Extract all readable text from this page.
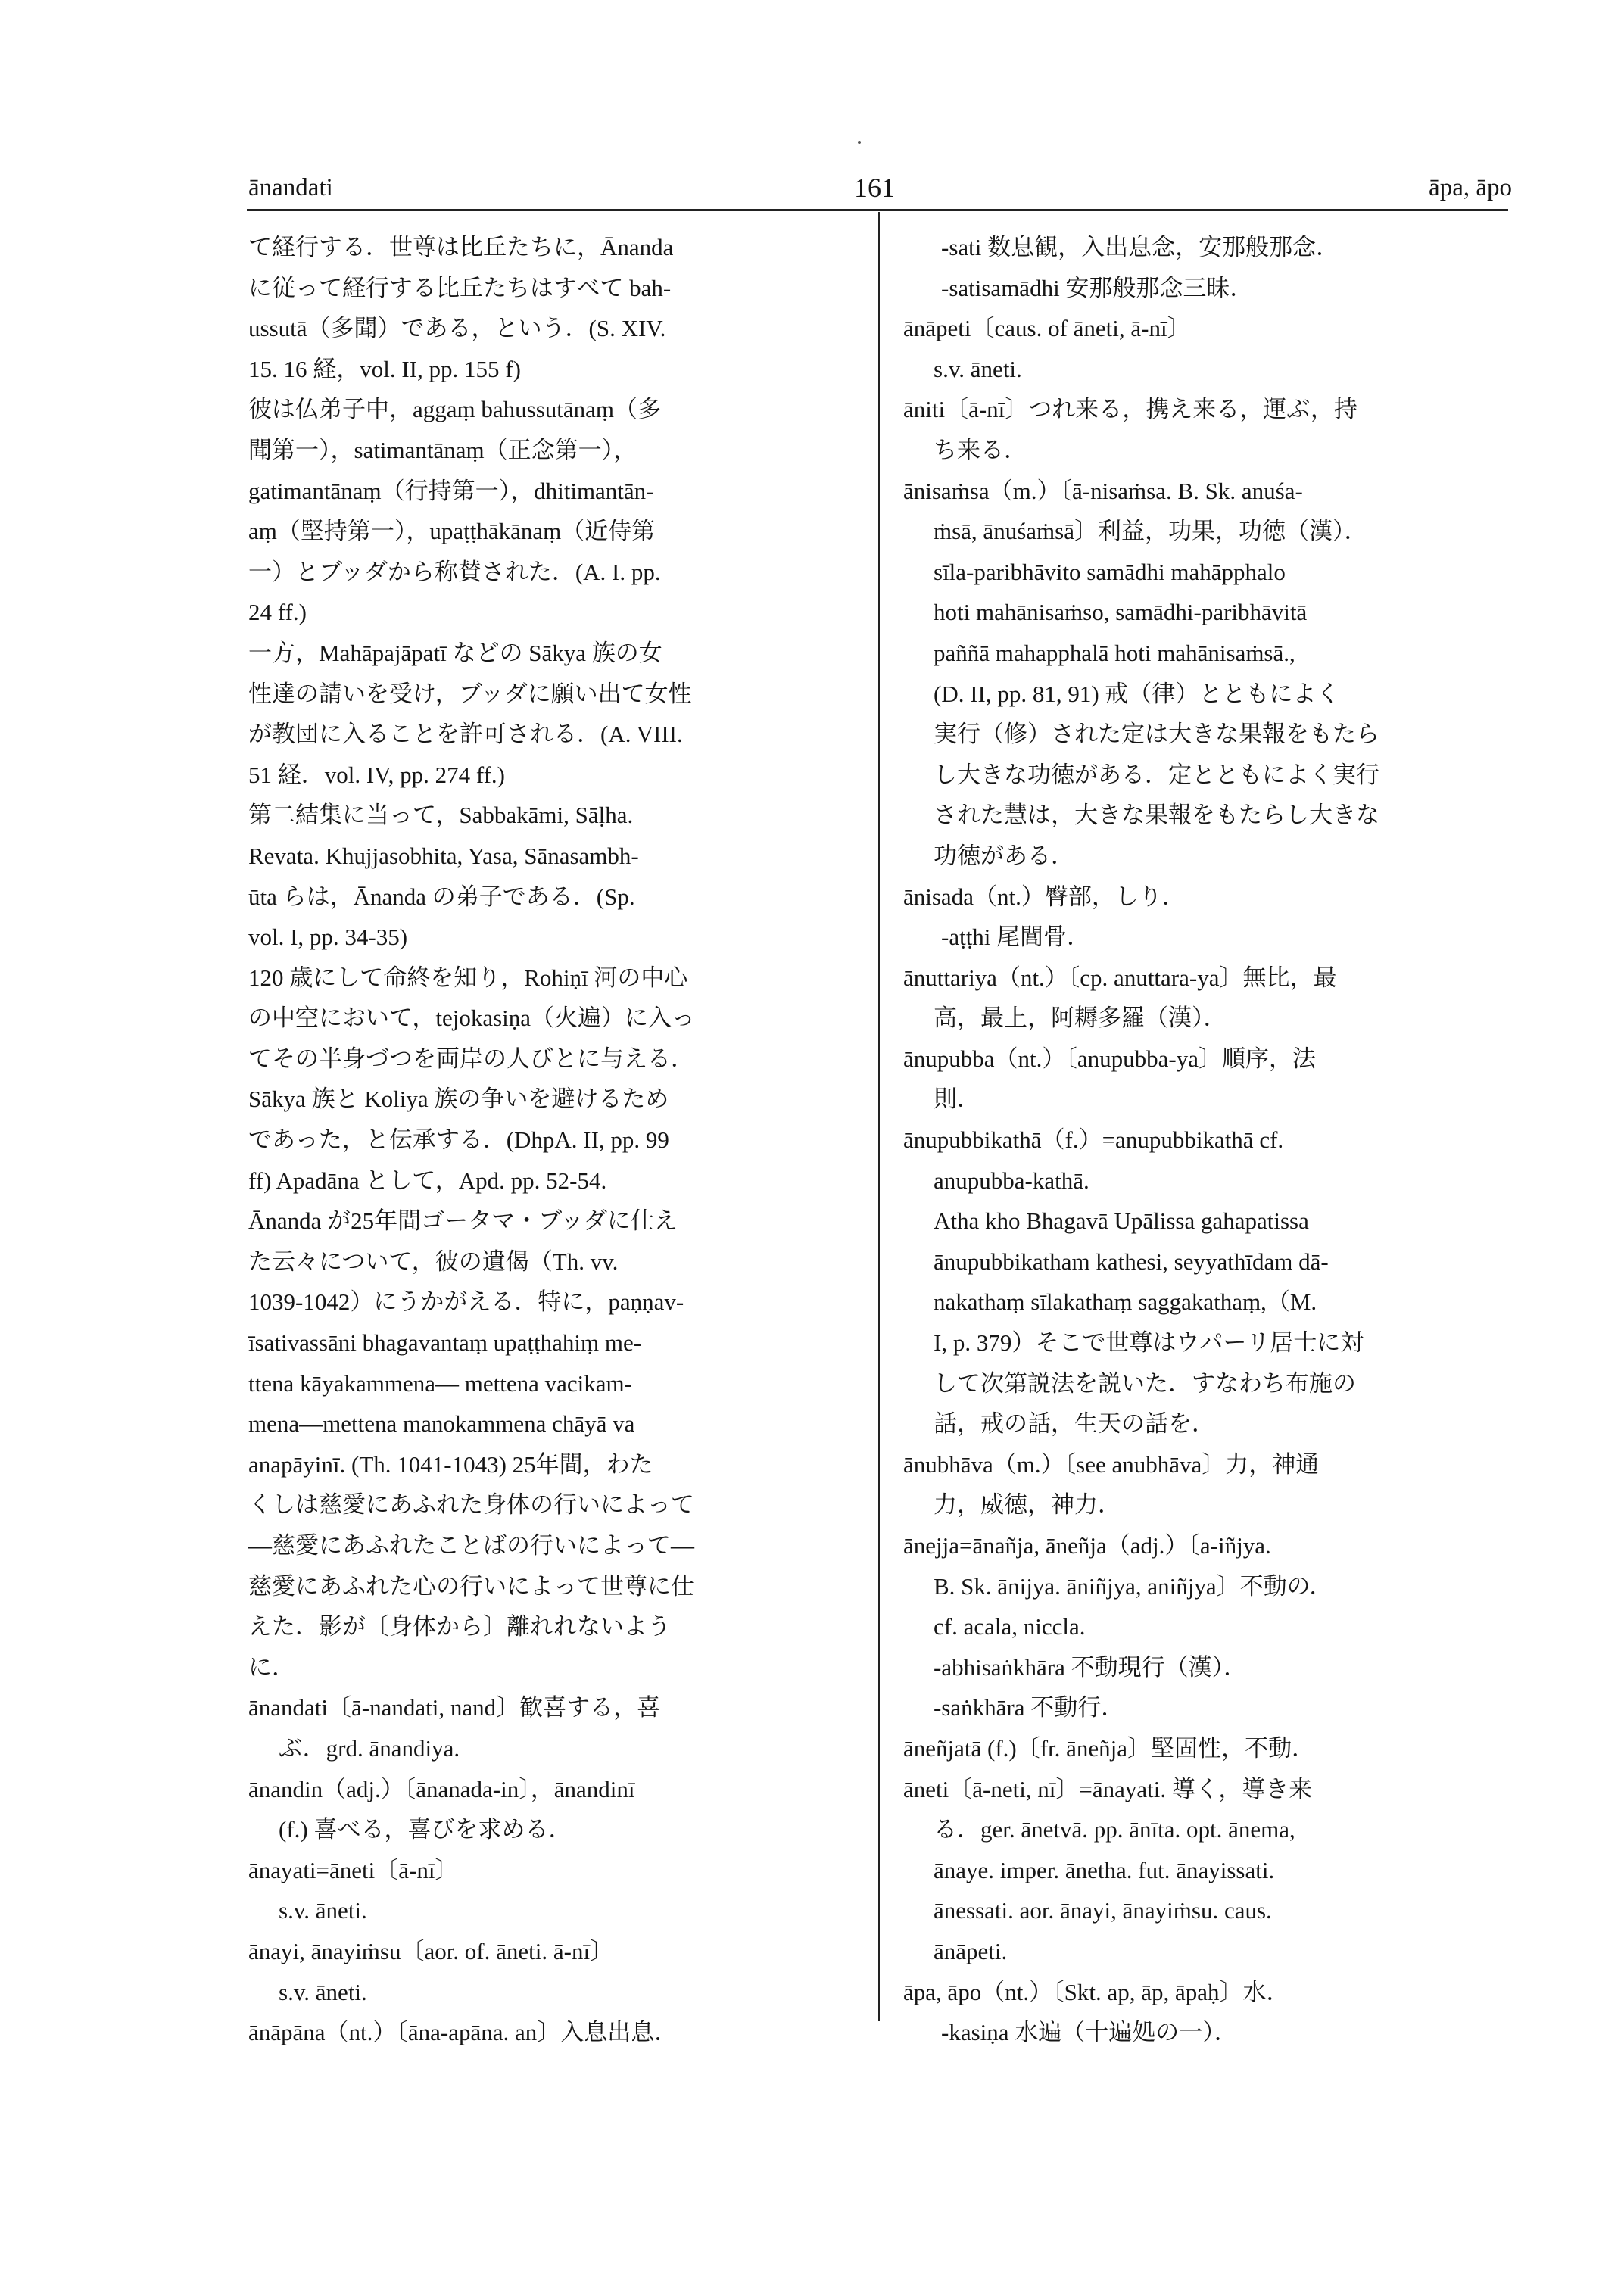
ānandati	161	āpa, āpo
て経行する．世尊は比丘たちに，Ānanda
に従って経行する比丘たちはすべて bah-
ussutā（多聞）である，という．(S. XIV.
15. 16 経，vol. II, pp. 155 f)
彼は仏弟子中，aggaṃ bahussutānaṃ（多
聞第一），satimantānaṃ（正念第一），
gatimantānaṃ（行持第一），dhitimantān-
aṃ（堅持第一），upaṭṭhākānaṃ（近侍第
一）とブッダから称賛された．(A. I. pp.
24 ff.)
一方，Mahāpajāpatī などの Sākya 族の女
性達の請いを受け，ブッダに願い出て女性
が教団に入ることを許可される．(A. VIII.
51 経．vol. IV, pp. 274 ff.)
第二結集に当って，Sabbakāmi, Sāḷha.
Revata. Khujjasobhita, Yasa, Sānasambh-
ūta らは，Ānanda の弟子である．(Sp.
vol. I, pp. 34-35)
120 歳にして命終を知り，Rohiṇī 河の中心
の中空において，tejokasiṇa（火遍）に入っ
てその半身づつを両岸の人びとに与える．
Sākya 族と Koliya 族の争いを避けるため
であった，と伝承する．(DhpA. II, pp. 99
ff) Apadāna として，Apd. pp. 52-54.
Ānanda が25年間ゴータマ・ブッダに仕え
た云々について，彼の遺偈（Th. vv.
1039-1042）にうかがえる．特に，paṇṇav-
īsativassāni bhagavantaṃ upaṭṭhahiṃ me-
ttena kāyakammena— mettena vacikam-
mena—mettena manokammena chāyā va
anapāyinī. (Th. 1041-1043) 25年間，わた
くしは慈愛にあふれた身体の行いによって
—慈愛にあふれたことばの行いによって—
慈愛にあふれた心の行いによって世尊に仕
えた．影が〔身体から〕離れれないよう
に．
ānandati〔ā-nandati, nand〕歓喜する，喜
ぶ．grd. ānandiya.
ānandin（adj.）〔ānanada-in〕，ānandinī
(f.) 喜べる，喜びを求める．
ānayati=āneti〔ā-nī〕
s.v. āneti.
ānayi, ānayiṁsu〔aor. of. āneti. ā-nī〕
s.v. āneti.
ānāpāna（nt.）〔āna-apāna. an〕入息出息．
-sati 数息観，入出息念，安那般那念．
-satisamādhi 安那般那念三昧．
ānāpeti〔caus. of āneti, ā-nī〕
s.v. āneti.
āniti〔ā-nī〕つれ来る，携え来る，運ぶ，持
ち来る．
ānisaṁsa（m.）〔ā-nisaṁsa. B. Sk. anuśa-
ṁsā, ānuśaṁsā〕利益，功果，功徳（漢）．
sīla-paribhāvito samādhi mahāpphalo
hoti mahānisaṁso, samādhi-paribhāvitā
paññā mahapphalā hoti mahānisaṁsā.,
(D. II, pp. 81, 91) 戒（律）とともによく
実行（修）された定は大きな果報をもたら
し大きな功徳がある．定とともによく実行
された慧は，大きな果報をもたらし大きな
功徳がある．
ānisada（nt.）臀部，しり．
-aṭṭhi 尾閭骨．
ānuttariya（nt.）〔cp. anuttara-ya〕無比，最
高，最上，阿耨多羅（漢）．
ānupubba（nt.）〔anupubba-ya〕順序，法
則．
ānupubbikathā（f.）=anupubbikathā cf.
anupubba-kathā.
Atha kho Bhagavā Upālissa gahapatissa
ānupubbikatham kathesi, seyyathīdam dā-
nakathaṃ sīlakathaṃ saggakathaṃ,（M.
I, p. 379）そこで世尊はウパーリ居士に対
して次第説法を説いた．すなわち布施の
話，戒の話，生天の話を．
ānubhāva（m.）〔see anubhāva〕力，神通
力，威徳，神力．
ānejja=ānañja, āneñja（adj.）〔a-iñjya.
B. Sk. ānijya. āniñjya, aniñjya〕不動の．
cf. acala, niccla.
-abhisaṅkhāra 不動現行（漢）．
-saṅkhāra 不動行．
āneñjatā (f.)〔fr. āneñja〕堅固性，不動．
āneti〔ā-neti, nī〕=ānayati. 導く，導き来
る．ger. ānetvā. pp. ānīta. opt. ānema,
ānaye. imper. ānetha. fut. ānayissati.
ānessati. aor. ānayi, ānayiṁsu. caus.
ānāpeti.
āpa, āpo（nt.）〔Skt. ap, āp, āpaḥ〕水．
-kasiṇa 水遍（十遍処の一）．
